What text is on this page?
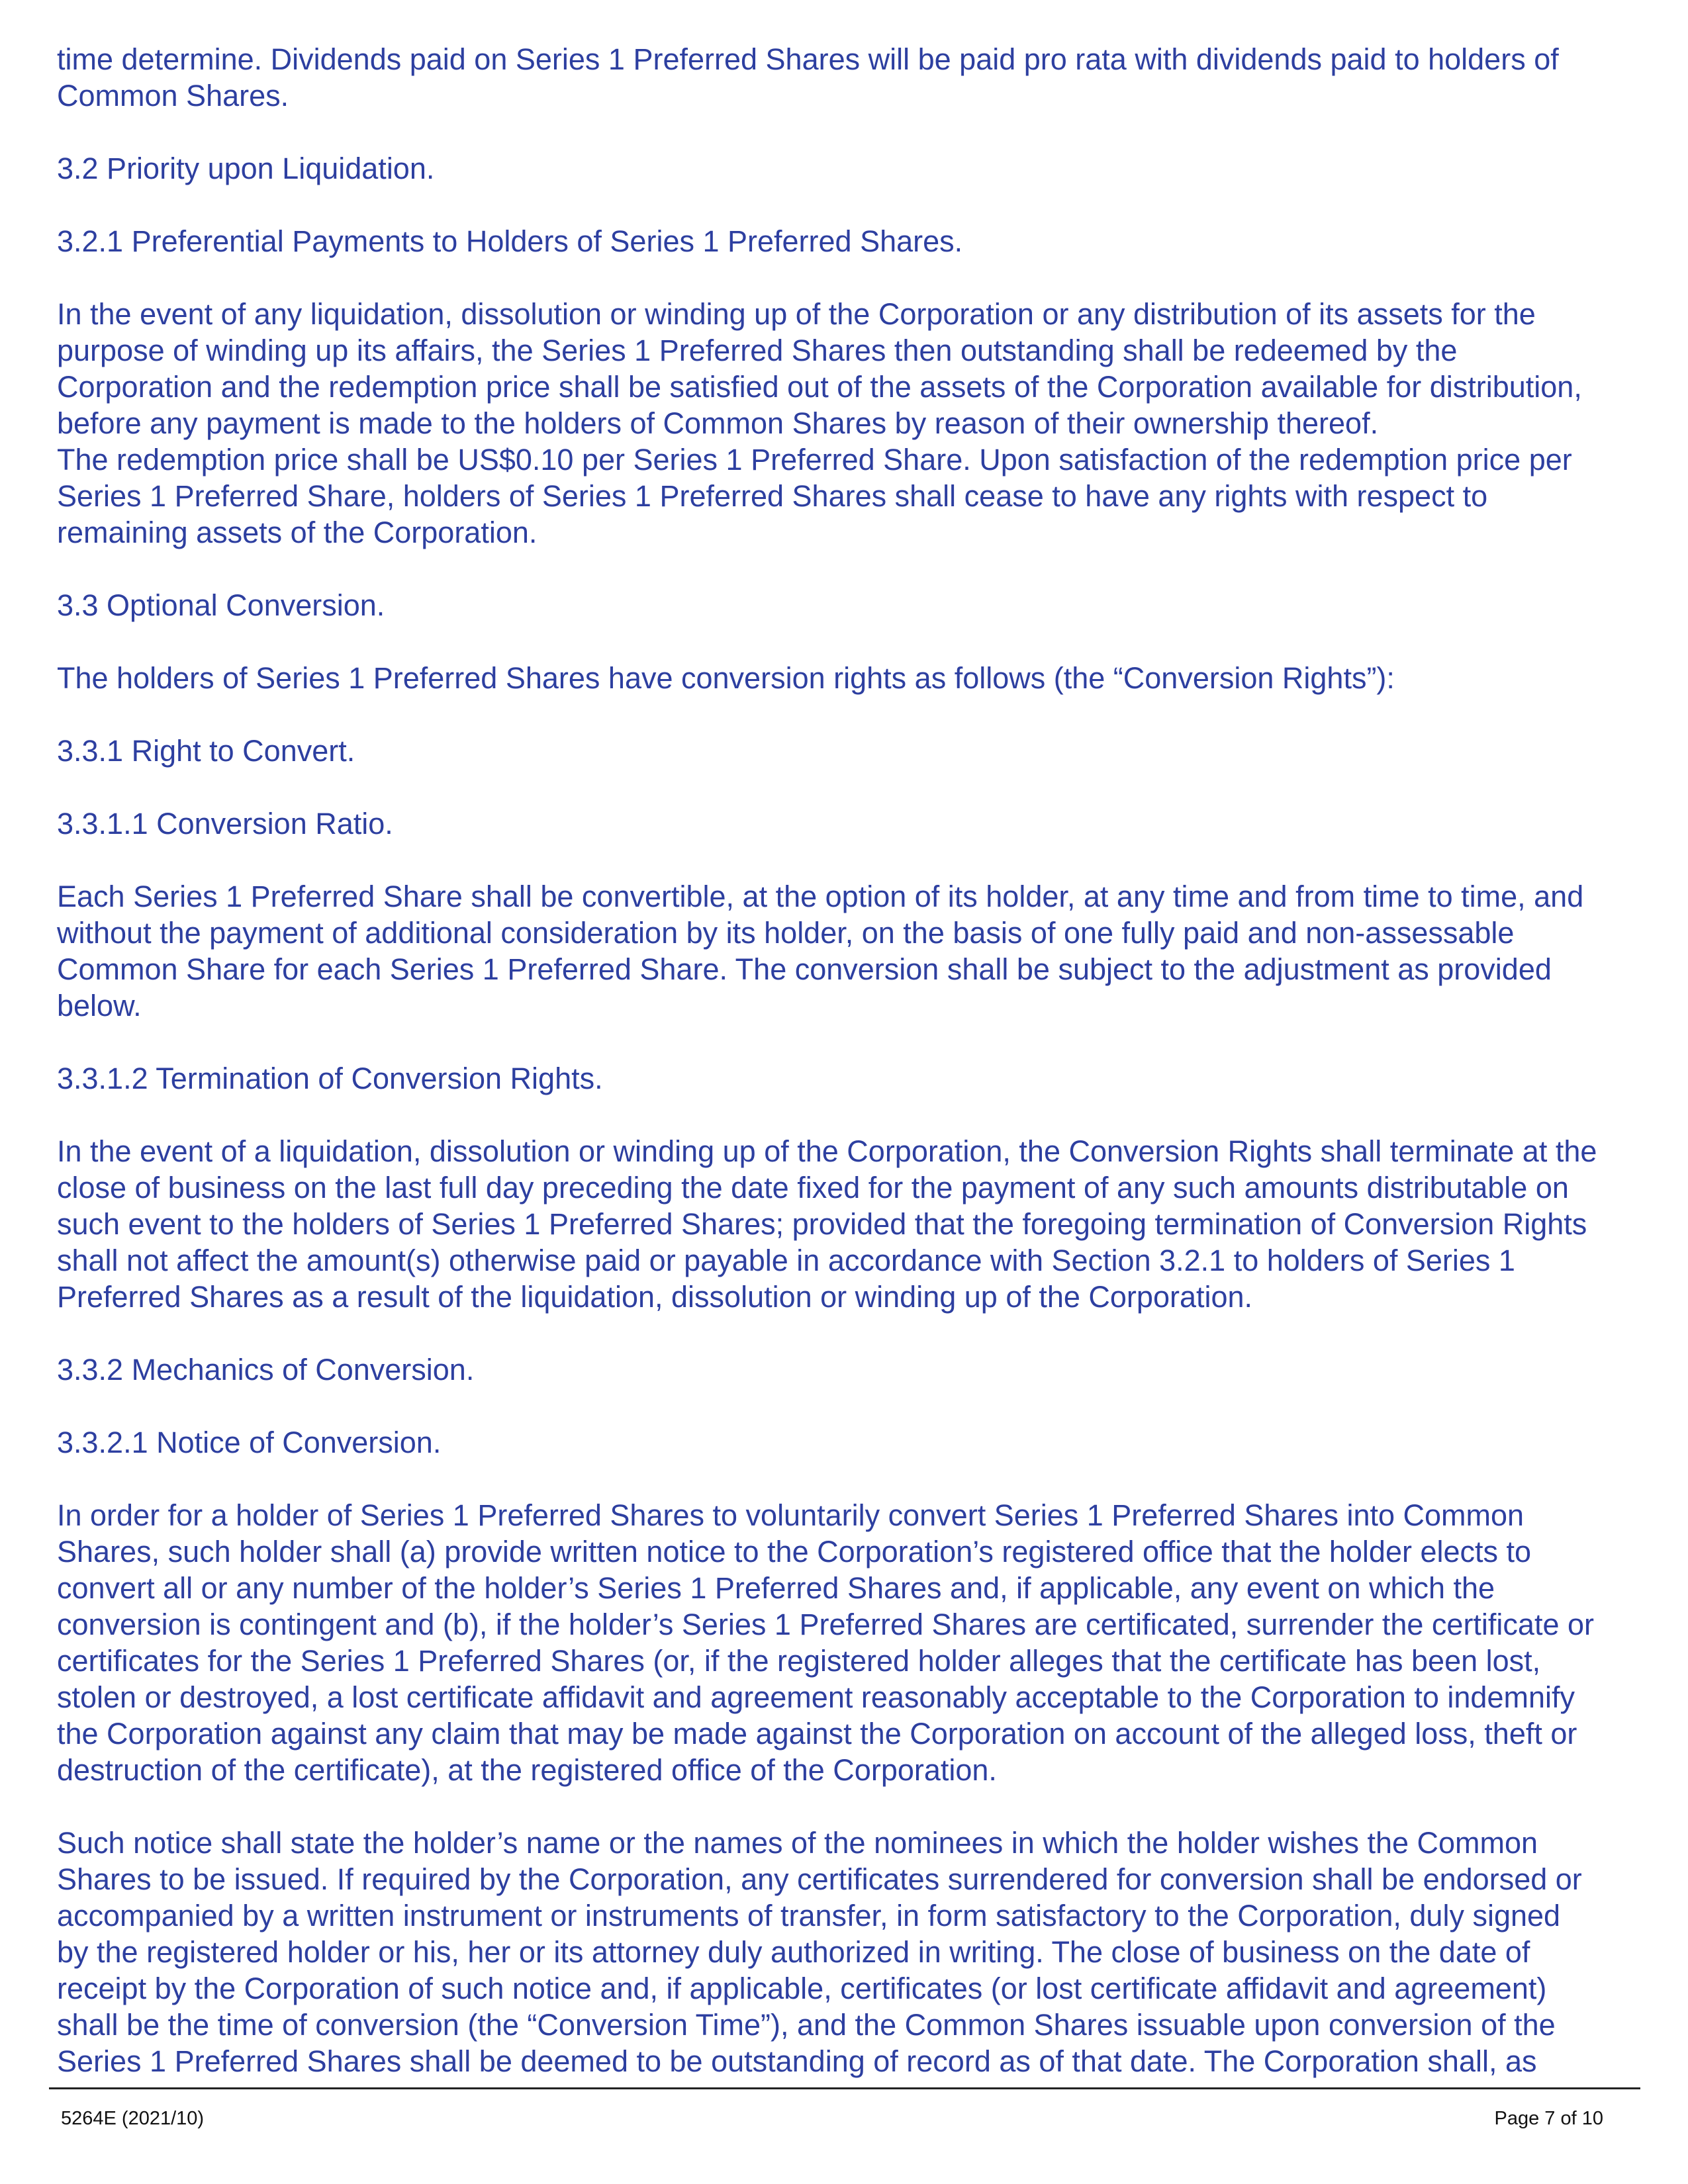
time determine. Dividends paid on Series 1 Preferred Shares will be paid pro rata with dividends paid to holders of
Common Shares.

3.2 Priority upon Liquidation.

3.2.1 Preferential Payments to Holders of Series 1 Preferred Shares.

In the event of any liquidation, dissolution or winding up of the Corporation or any distribution of its assets for the
purpose of winding up its affairs, the Series 1 Preferred Shares then outstanding shall be redeemed by the
Corporation and the redemption price shall be satisfied out of the assets of the Corporation available for distribution,
before any payment is made to the holders of Common Shares by reason of their ownership thereof.

The redemption price shall be US$0.10 per Series 1 Preferred Share. Upon satisfaction of the redemption price per
Series 1 Preferred Share, holders of Series 1 Preferred Shares shall cease to have any rights with respect to
remaining assets of the Corporation.

3.3 Optional Conversion.

The holders of Series 1 Preferred Shares have conversion rights as follows (the “Conversion Rights”):

3.3.1 Right to Convert.

3.3.1.1 Conversion Ratio.

Each Series 1 Preferred Share shall be convertible, at the option of its holder, at any time and from time to time, and
without the payment of additional consideration by its holder, on the basis of one fully paid and non-assessable
Common Share for each Series 1 Preferred Share. The conversion shall be subject to the adjustment as provided
below.

3.3.1.2 Termination of Conversion Rights.

In the event of a liquidation, dissolution or winding up of the Corporation, the Conversion Rights shall terminate at the
close of business on the last full day preceding the date fixed for the payment of any such amounts distributable on
such event to the holders of Series 1 Preferred Shares; provided that the foregoing termination of Conversion Rights
shall not affect the amount(s) otherwise paid or payable in accordance with Section 3.2.1 to holders of Series 1
Preferred Shares as a result of the liquidation, dissolution or winding up of the Corporation.

3.3.2 Mechanics of Conversion.

3.3.2.1 Notice of Conversion.

In order for a holder of Series 1 Preferred Shares to voluntarily convert Series 1 Preferred Shares into Common
Shares, such holder shall (a) provide written notice to the Corporation’s registered office that the holder elects to
convert all or any number of the holder’s Series 1 Preferred Shares and, if applicable, any event on which the
conversion is contingent and (b), if the holder’s Series 1 Preferred Shares are certificated, surrender the certificate or
certificates for the Series 1 Preferred Shares (or, if the registered holder alleges that the certificate has been lost,
stolen or destroyed, a lost certificate affidavit and agreement reasonably acceptable to the Corporation to indemnify
the Corporation against any claim that may be made against the Corporation on account of the alleged loss, theft or
destruction of the certificate), at the registered office of the Corporation.

Such notice shall state the holder’s name or the names of the nominees in which the holder wishes the Common
Shares to be issued. If required by the Corporation, any certificates surrendered for conversion shall be endorsed or
accompanied by a written instrument or instruments of transfer, in form satisfactory to the Corporation, duly signed
by the registered holder or his, her or its attorney duly authorized in writing. The close of business on the date of
receipt by the Corporation of such notice and, if applicable, certificates (or lost certificate affidavit and agreement)
shall be the time of conversion (the “Conversion Time”), and the Common Shares issuable upon conversion of the
Series 1 Preferred Shares shall be deemed to be outstanding of record as of that date. The Corporation shall, as

5264E (2021/10)	Page 7 of 10
